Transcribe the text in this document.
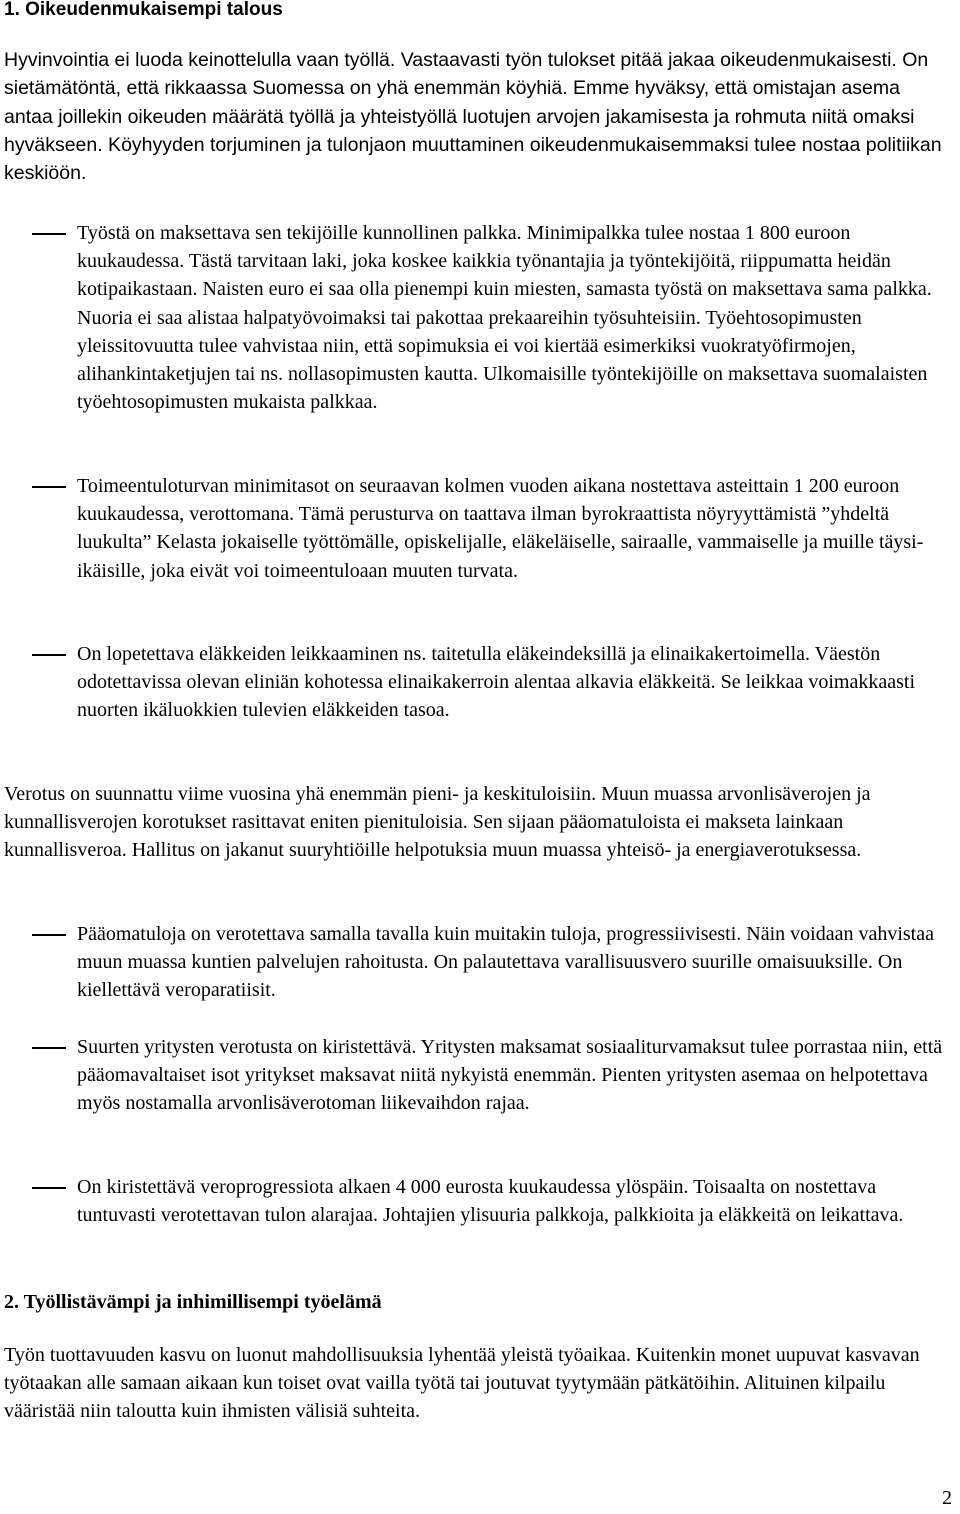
1. Oikeudenmukaisempi talous

Hyvinvointia ei luoda keinottelulla vaan työllä. Vastaavasti työn tulokset pitää jakaa oikeudenmukaisesti. On sietämätöntä, että rikkaassa Suomessa on yhä enemmän köyhiä. Emme hyväksy, että omistajan asema antaa joillekin oikeuden määrätä työllä ja yhteistyöllä luotujen arvojen jakamisesta ja rohmuta niitä omaksi hyväkseen. Köyhyyden torjuminen ja tulonjaon muuttaminen oikeudenmukaisemmaksi tulee nostaa politiikan keskiöön.

Työstä on maksettava sen tekijöille kunnollinen palkka. Minimipalkka tulee nostaa 1 800 euroon kuukaudessa. Tästä tarvitaan laki, joka koskee kaikkia työnantajia ja työntekijöitä, riippumatta heidän kotipaikastaan. Naisten euro ei saa olla pienempi kuin miesten, samasta työstä on maksettava sama palkka. Nuoria ei saa alistaa halpatyövoimaksi tai pakottaa prekaareihin työsuhteisiin. Työehtosopimusten yleissitovuutta tulee vahvistaa niin, että sopimuksia ei voi kiertää esimerkiksi vuokratyöfirmojen, alihankintaketjujen tai ns. nollasopimusten kautta. Ulkomaisille työntekijöille on maksettava suomalaisten työehtosopimusten mukaista palkkaa.

Toimeentuloturvan minimitasot on seuraavan kolmen vuoden aikana nostettava asteittain 1 200 euroon kuukaudessa, verottomana. Tämä perusturva on taattava ilman byrokraattista nöyryyttämistä ”yhdeltä luukulta” Kelasta jokaiselle työttömälle, opiskelijalle, eläkeläiselle, sairaalle, vammaiselle ja muille täysi-ikäisille, joka eivät voi toimeentuloaan muuten turvata.

On lopetettava eläkkeiden leikkaaminen ns. taitetulla eläkeindeksillä ja elinaikakertoimella. Väestön odotettavissa olevan eliniän kohotessa elinaikakerroin alentaa alkavia eläkkeitä. Se leikkaa voimakkaasti nuorten ikäluokkien tulevien eläkkeiden tasoa.

Verotus on suunnattu viime vuosina yhä enemmän pieni- ja keskituloisiin. Muun muassa arvonlisäverojen ja kunnallisverojen korotukset rasittavat eniten pienituloisia. Sen sijaan pääomatuloista ei makseta lainkaan kunnallisveroa. Hallitus on jakanut suuryhtiöille helpotuksia muun muassa yhteisö- ja energiaverotuksessa.

Pääomatuloja on verotettava samalla tavalla kuin muitakin tuloja, progressiivisesti. Näin voidaan vahvistaa muun muassa kuntien palvelujen rahoitusta. On palautettava varallisuusvero suurille omaisuuksille. On kiellettävä veroparatiisit.

Suurten yritysten verotusta on kiristettävä. Yritysten maksamat sosiaaliturvamaksut tulee porrastaa niin, että pääomavaltaiset isot yritykset maksavat niitä nykyistä enemmän. Pienten yritysten asemaa on helpotettava myös nostamalla arvonlisäverotoman liikevaihdon rajaa.

On kiristettävä veroprogressiota alkaen 4 000 eurosta kuukaudessa ylöspäin. Toisaalta on nostettava tuntuvasti verotettavan tulon alarajaa. Johtajien ylisuuria palkkoja, palkkioita ja eläkkeitä on leikattava.

2. Työllistävämpi ja inhimillisempi työelämä

Työn tuottavuuden kasvu on luonut mahdollisuuksia lyhentää yleistä työaikaa. Kuitenkin monet uupuvat kasvavan työtaakan alle samaan aikaan kun toiset ovat vailla työtä tai joutuvat tyytymään pätkätöihin. Alituinen kilpailu vääristää niin taloutta kuin ihmisten välisiä suhteita.

2
